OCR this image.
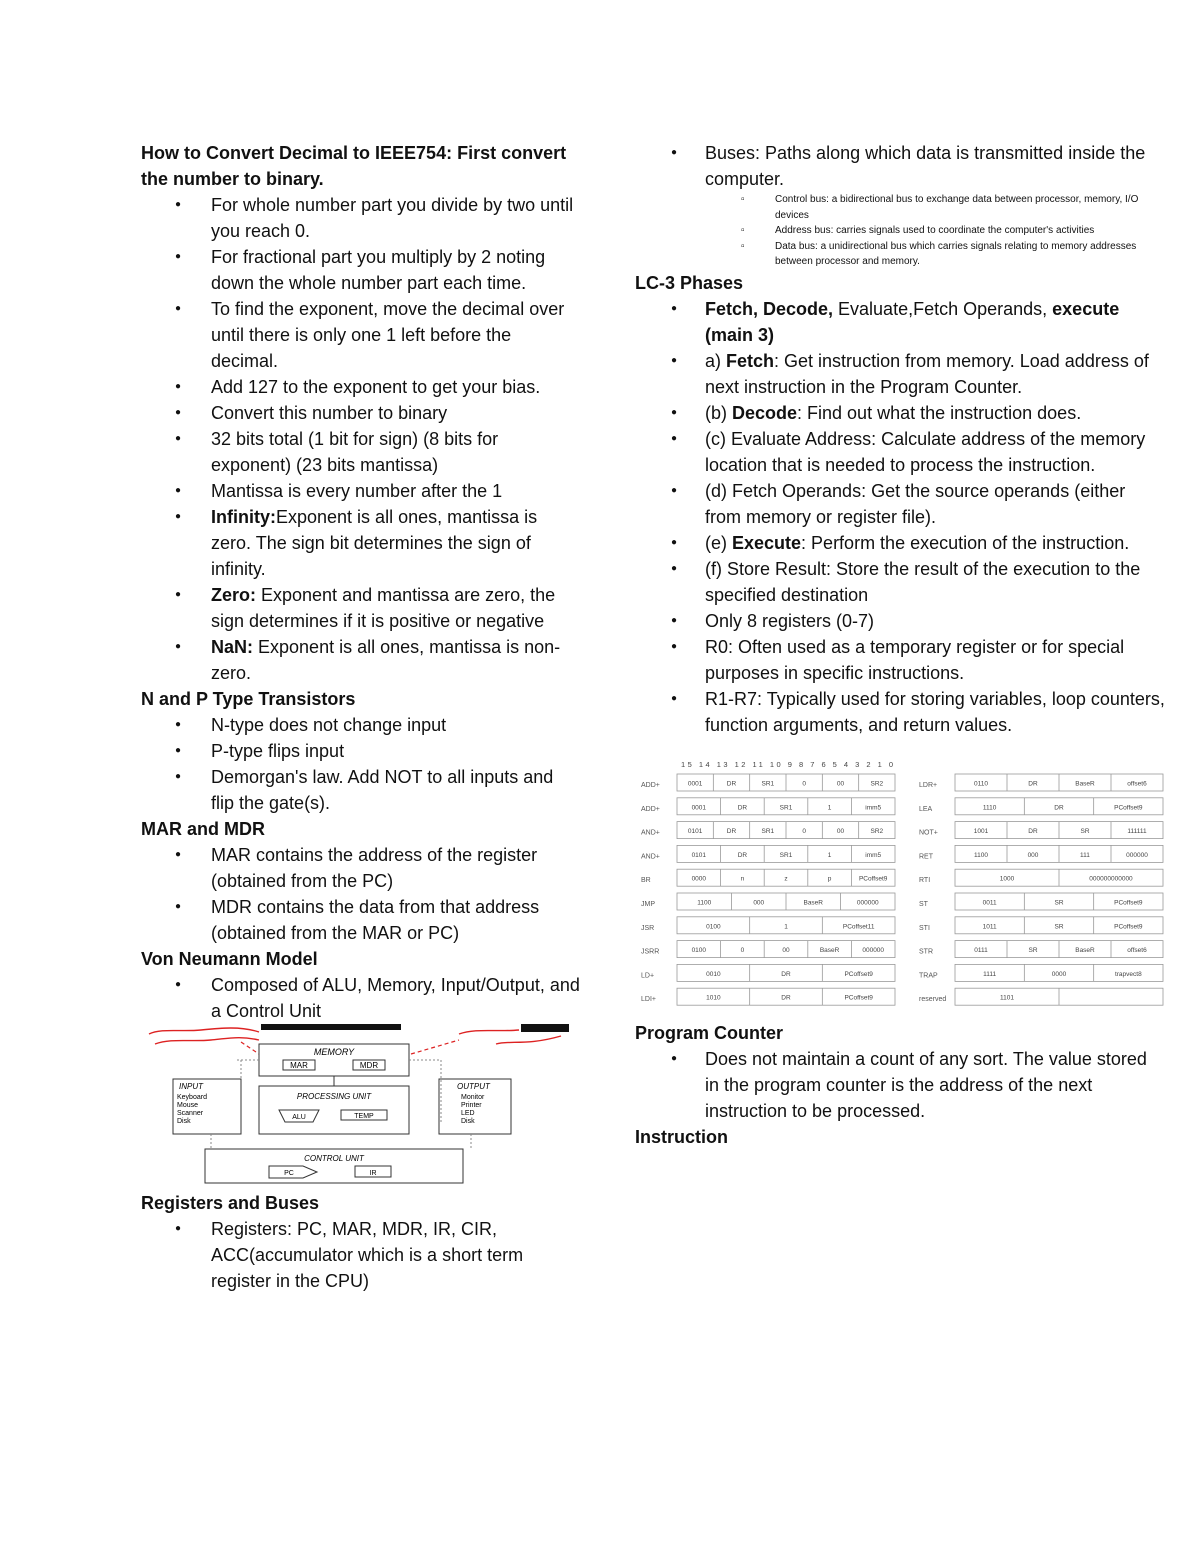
How to Convert Decimal to IEEE754: First convert the number to binary.

● For whole number part you divide by two until you reach 0.
● For fractional part you multiply by 2 noting down the whole number part each time.
● To find the exponent, move the decimal over until there is only one 1 left before the decimal.
● Add 127 to the exponent to get your bias.
● Convert this number to binary
● 32 bits total (1 bit for sign) (8 bits for exponent) (23 bits mantissa)
● Mantissa is every number after the 1
● Infinity:Exponent is all ones, mantissa is zero. The sign bit determines the sign of infinity.
● Zero: Exponent and mantissa are zero, the sign determines if it is positive or negative
● NaN: Exponent is all ones, mantissa is non-zero.

N and P Type Transistors

● N-type does not change input
● P-type flips input
● Demorgan's law. Add NOT to all inputs and flip the gate(s).

MAR and MDR

● MAR contains the address of the register (obtained from the PC)
● MDR contains the data from that address (obtained from the MAR or PC)

Von Neumann Model

● Composed of ALU, Memory, Input/Output, and a Control Unit
MEMORY
MAR	MDR
INPUT
Keyboard
Mouse
Scanner
Disk
PROCESSING UNIT
ALU	TEMP
OUTPUT
Monitor
Printer
LED
Disk
CONTROL UNIT
PC	IR

Registers and Buses

● Registers: PC, MAR, MDR, IR, CIR, ACC(accumulator which is a short term register in the CPU)
● Buses: Paths along which data is transmitted inside the computer.
▫ Control bus: a bidirectional bus to exchange data between processor, memory, I/O devices
▫ Address bus: carries signals used to coordinate the computer's activities
▫ Data bus: a unidirectional bus which carries signals relating to memory addresses between processor and memory.

LC-3 Phases

● Fetch, Decode, Evaluate,Fetch Operands, execute (main 3)
● a) Fetch: Get instruction from memory. Load address of next instruction in the Program Counter.
● (b) Decode: Find out what the instruction does.
● (c) Evaluate Address: Calculate address of the memory location that is needed to process the instruction.
● (d) Fetch Operands: Get the source operands (either from memory or register file).
● (e) Execute: Perform the execution of the instruction.
● (f) Store Result: Store the result of the execution to the specified destination
● Only 8 registers (0-7)
● R0: Often used as a temporary register or for special purposes in specific instructions.
● R1-R7: Typically used for storing variables, loop counters, function arguments, and return values.
15 14 13 12 11 10 9 8 7 6 5 4 3 2 1 0
ADD+	0001	DR	SR1	0	00	SR2
ADD+	0001	DR	SR1	1	imm5
AND+	0101	DR	SR1	0	00	SR2
AND+	0101	DR	SR1	1	imm5
BR	0000	n	z	p	PCoffset9
JMP	1100	000	BaseR	000000
JSR	0100	1	PCoffset11
JSRR	0100	0	00	BaseR	000000
LD+	0010	DR	PCoffset9
LDI+	1010	DR	PCoffset9
LDR+	0110	DR	BaseR	offset6
LEA	1110	DR	PCoffset9
NOT+	1001	DR	SR	111111
RET	1100	000	111	000000
RTI	1000	000000000000
ST	0011	SR	PCoffset9
STI	1011	SR	PCoffset9
STR	0111	SR	BaseR	offset6
TRAP	1111	0000	trapvect8
reserved	1101

Program Counter

● Does not maintain a count of any sort. The value stored in the program counter is the address of the next instruction to be processed.

Instruction
